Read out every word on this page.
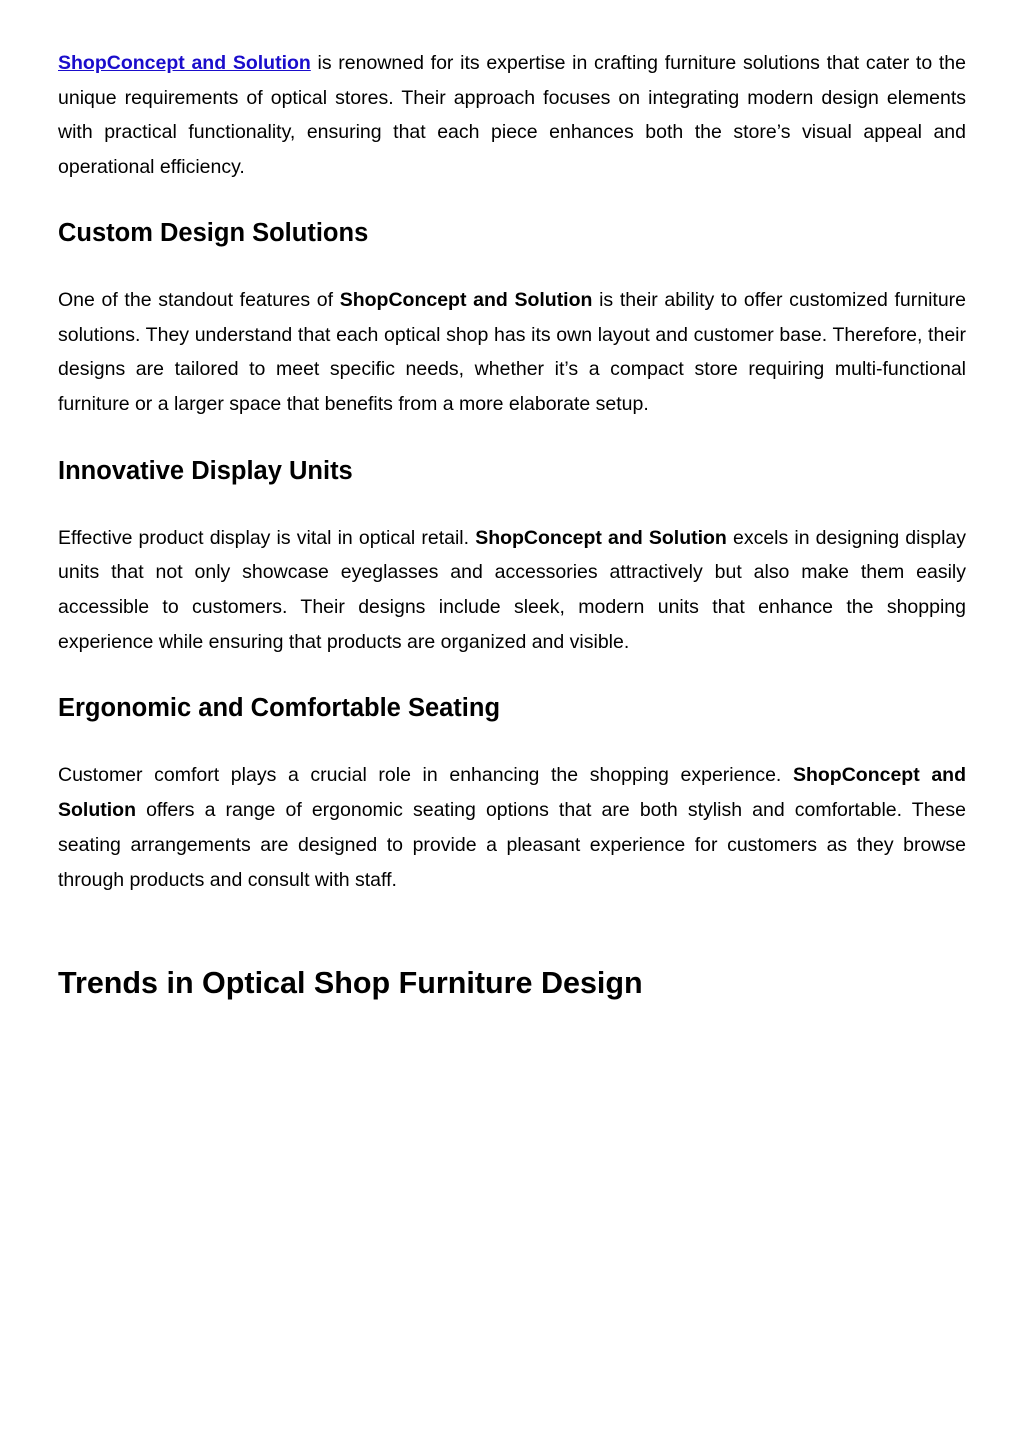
ShopConcept and Solution is renowned for its expertise in crafting furniture solutions that cater to the unique requirements of optical stores. Their approach focuses on integrating modern design elements with practical functionality, ensuring that each piece enhances both the store’s visual appeal and operational efficiency.

Custom Design Solutions

One of the standout features of ShopConcept and Solution is their ability to offer customized furniture solutions. They understand that each optical shop has its own layout and customer base. Therefore, their designs are tailored to meet specific needs, whether it’s a compact store requiring multi-functional furniture or a larger space that benefits from a more elaborate setup.

Innovative Display Units

Effective product display is vital in optical retail. ShopConcept and Solution excels in designing display units that not only showcase eyeglasses and accessories attractively but also make them easily accessible to customers. Their designs include sleek, modern units that enhance the shopping experience while ensuring that products are organized and visible.

Ergonomic and Comfortable Seating

Customer comfort plays a crucial role in enhancing the shopping experience. ShopConcept and Solution offers a range of ergonomic seating options that are both stylish and comfortable. These seating arrangements are designed to provide a pleasant experience for customers as they browse through products and consult with staff.

Trends in Optical Shop Furniture Design
